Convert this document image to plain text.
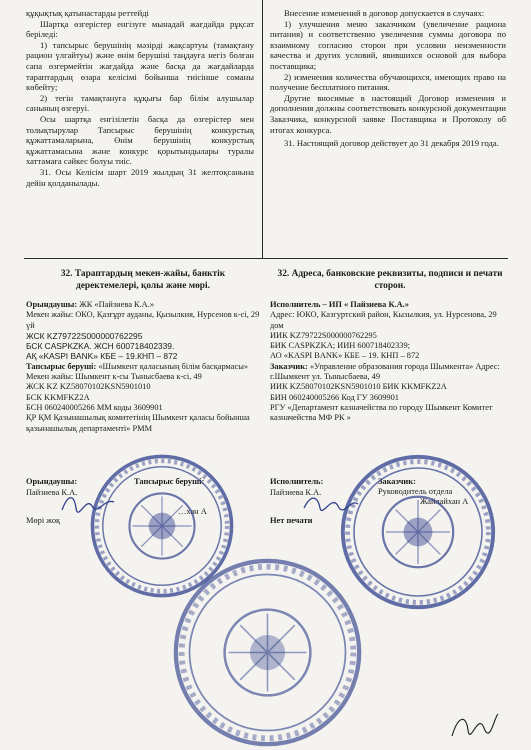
құқықтық қатынастарды реттейді

Шартқа өзгерістер енгізуге мынадай жағдайда рұқсат беріледі:

1) тапсырыс берушінің мәзірді жақсартуы (тамақтану рацион үлгайтуы) және өнім берушіні таңдауға негіз болған сапа өзгермейтін жағдайда және басқа да жағдайларда тараптардың өзара келісімі бойынша тиісінше соманы көбейту;

2) тегін тамақтануға құқығы бар білім алушылар санының өзгеруі.

Осы шартқа енгізілетін басқа да өзгерістер мен толықтырулар Тапсырыс берушінің конкурстық құжаттамаларына, Өнім берушінің конкурстық құжаттамасына және конкурс қорытындылары туралы хаттамаға сәйкес болуы тиіс.

31. Осы Келісім шарт 2019 жылдың 31 желтоқсанына дейін қолданылады.

Внесение изменений в договор допускается в случаях:

1) улучшения меню заказчиком (увеличение рациона питания) и соответственно увеличения суммы договора по взаимному согласию сторон при условии неизменности качества и других условий, явившихся основой для выбора поставщика;

2) изменения количества обучающихся, имеющих право на получение бесплатного питания.

Другие вносимые в настоящий Договор изменения и дополнения должны соответствовать конкурсной документации Заказчика, конкурсной заявке Поставщика и Протоколу об итогах конкурса.

31. Настоящий договор действует до 31 декабря 2019 года.

32. Тараптардың мекен-жайы, банктік деректемелері, қолы және мөрі.
32. Адреса, банковские реквизиты, подписи и печати сторон.

Орындаушы: ЖК «Пайзиева К.А.»

Мекен жайы: ОКО, Қазғұрт ауданы, Қызылкия, Нурсенов к-сі, 29 үй

ЖСК KZ79722S000000762295

БСК CASPKZKA. ЖСН 600718402339.

АҚ «KASPI BANK» КБЕ – 19.КНП – 872

Тапсырыс беруші: «Шымкент қаласының білім басқармасы»

Мекен жайы: Шымкент к-сы Тынысбаева к-сі, 49

ЖСК KZ KZ58070102KSN5901010

БСК KKMFKZ2A

БСН 060240005266 МM коды 3609901

ҚР ҚМ Қазынашылық комитетінің Шымкент қаласы бойынша қазынашылық департаменті» РММ

Исполнитель – ИП « Пайзиева К.А.»

Адрес: ЮКО, Казгуртский район, Кызылкия, ул. Нурсенова, 29 дом

ИИК KZ79722S000000762295

БИК CASPKZKA; ИИН 600718402339;

АО «KASPI BANK» КБЕ – 19. КНП – 872

Заказчик: «Управление образования города Шымкента» Адрес: г.Шымкент ул. Тынысбаева, 49

ИИК KZ58070102KSN5901010 БИК KKMFKZ2A

БИН 060240005266 Код ГУ 3609901

РГУ «Департамент казначейства по городу Шымкент Комитет казначейства МФ РК »

Орындаушы:

Пайзиева К.А.

Тапсырыс беруші:

…хан А

Мөрі жоқ

Исполнитель:

Пайзиева К.А.

Заказчик:

Руководитель отдела

Жайлайхан А

Нет печати
